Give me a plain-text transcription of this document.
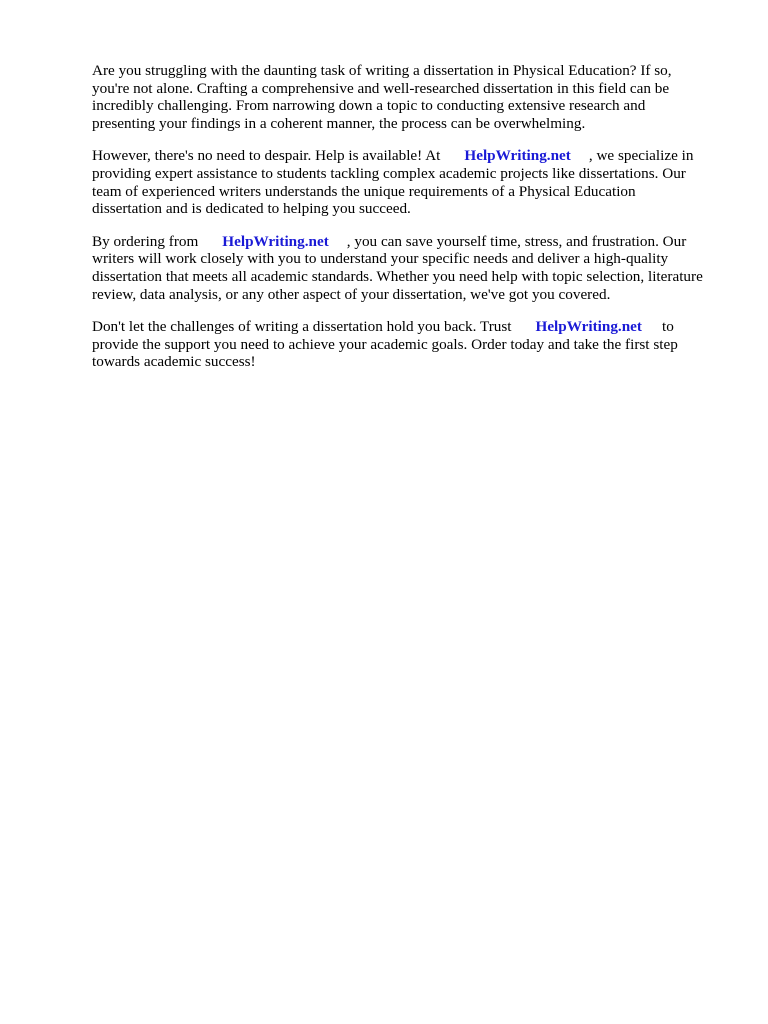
Are you struggling with the daunting task of writing a dissertation in Physical Education? If so,
you're not alone. Crafting a comprehensive and well-researched dissertation in this field can be
incredibly challenging. From narrowing down a topic to conducting extensive research and
presenting your findings in a coherent manner, the process can be overwhelming.

However, there's no need to despair. Help is available! At HelpWriting.net , we specialize in
providing expert assistance to students tackling complex academic projects like dissertations. Our
team of experienced writers understands the unique requirements of a Physical Education
dissertation and is dedicated to helping you succeed.

By ordering from HelpWriting.net , you can save yourself time, stress, and frustration. Our
writers will work closely with you to understand your specific needs and deliver a high-quality
dissertation that meets all academic standards. Whether you need help with topic selection, literature
review, data analysis, or any other aspect of your dissertation, we've got you covered.

Don't let the challenges of writing a dissertation hold you back. Trust HelpWriting.net to
provide the support you need to achieve your academic goals. Order today and take the first step
towards academic success!
